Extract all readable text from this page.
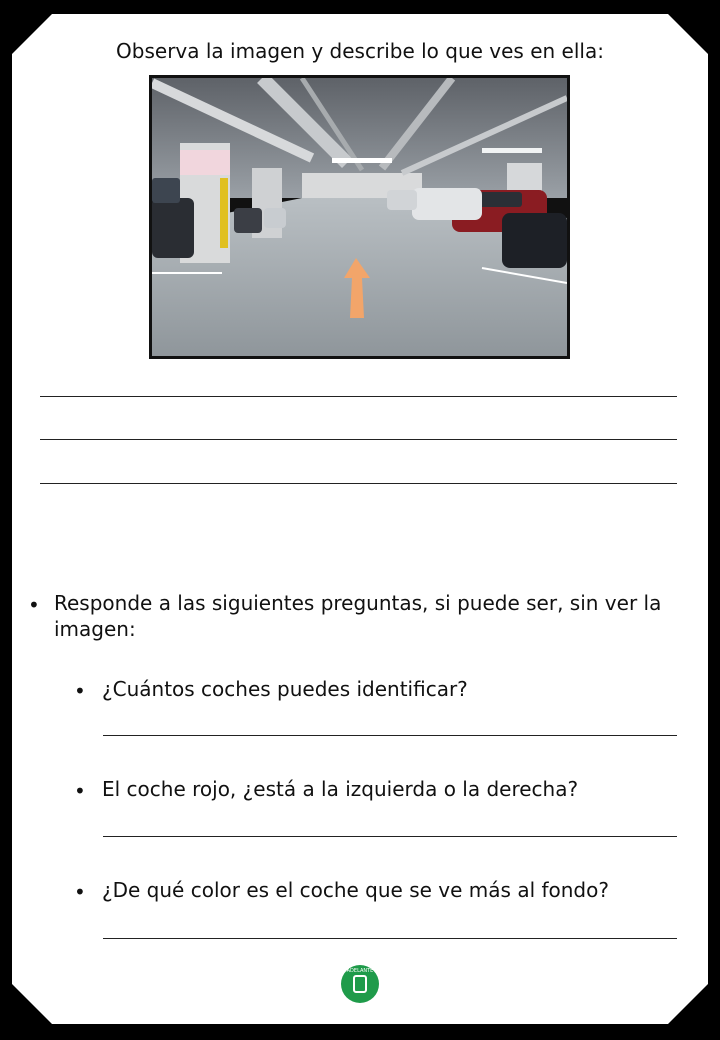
Observa la imagen y describe lo que ves en ella:
• Responde a las siguientes preguntas, si puede ser, sin ver la imagen:
• ¿Cuántos coches puedes identificar?
• El coche rojo, ¿está a la izquierda o la derecha?
• ¿De qué color es el coche que se ve más al fondo?
ADELANTE
